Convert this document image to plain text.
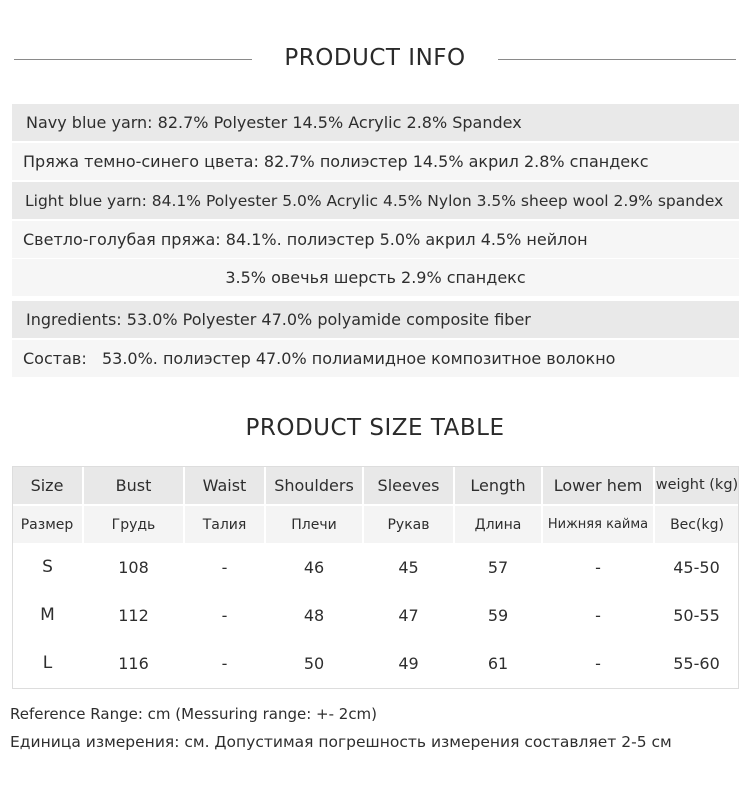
PRODUCT INFO
Navy blue yarn: 82.7% Polyester 14.5% Acrylic 2.8% Spandex
Пряжа темно-синего цвета: 82.7% полиэстер 14.5% акрил 2.8% спандекс
Light blue yarn: 84.1% Polyester 5.0% Acrylic 4.5% Nylon 3.5% sheep wool 2.9% spandex
Светло-голубая пряжа: 84.1%. полиэстер 5.0% акрил 4.5% нейлон
3.5% овечья шерсть 2.9% спандекс
Ingredients: 53.0% Polyester 47.0% polyamide composite fiber
Состав:   53.0%. полиэстер 47.0% полиамидное композитное волокно
PRODUCT SIZE TABLE
Size	Bust	Waist	Shoulders	Sleeves	Length	Lower hem	weight (kg)
Размер	Грудь	Талия	Плечи	Рукав	Длина	Нижняя кайма	Вес(kg)
S	108	-	46	45	57	-	45-50
M	112	-	48	47	59	-	50-55
L	116	-	50	49	61	-	55-60
Reference Range: cm (Messuring range: +- 2cm)
Единица измерения: см. Допустимая погрешность измерения составляет 2-5 см
